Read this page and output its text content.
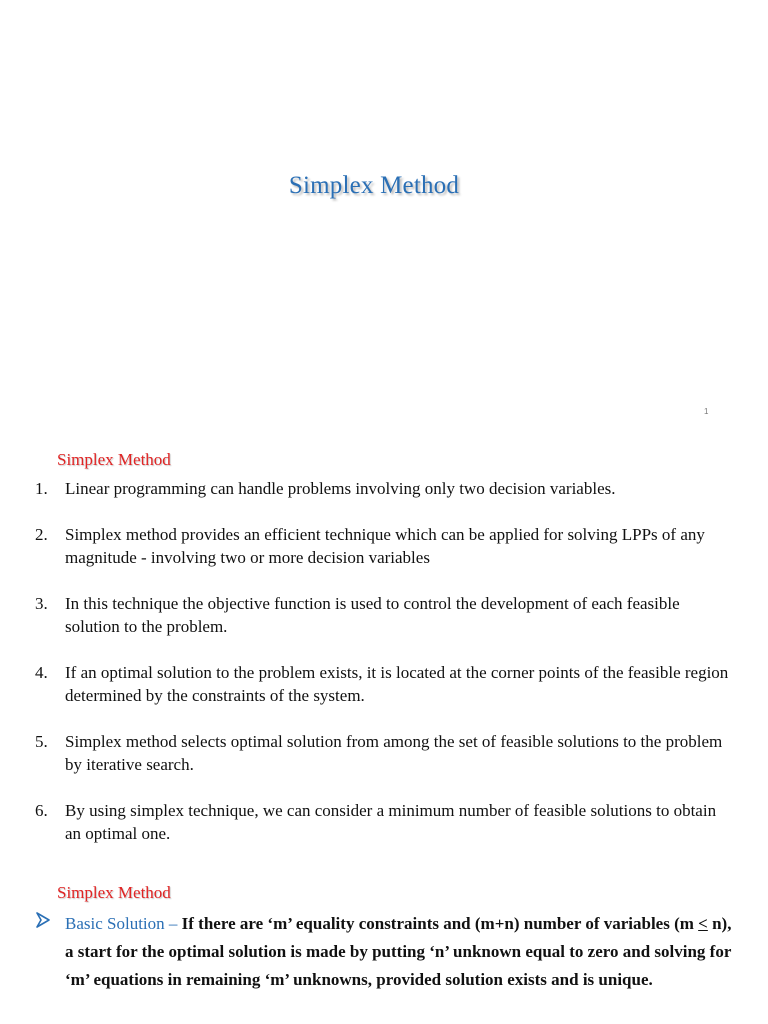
Simplex Method
1
Simplex Method
1. Linear programming can handle problems involving only two decision variables.
2. Simplex method provides an efficient technique which can be applied for solving LPPs of any magnitude - involving two or more decision variables
3. In this technique the objective function is used to control the development of each feasible solution to the problem.
4. If an optimal solution to the problem exists, it is located at the corner points of the feasible region determined by the constraints of the system.
5. Simplex method selects optimal solution from among the set of feasible solutions to the problem by iterative search.
6. By using simplex technique, we can consider a minimum number of feasible solutions to obtain an optimal one.
Simplex Method
Basic Solution – If there are ‘m’ equality constraints and (m+n) number of variables (m ≤ n), a start for the optimal solution is made by putting ‘n’ unknown equal to zero and solving for ‘m’ equations in remaining ‘m’ unknowns, provided solution exists and is unique.
